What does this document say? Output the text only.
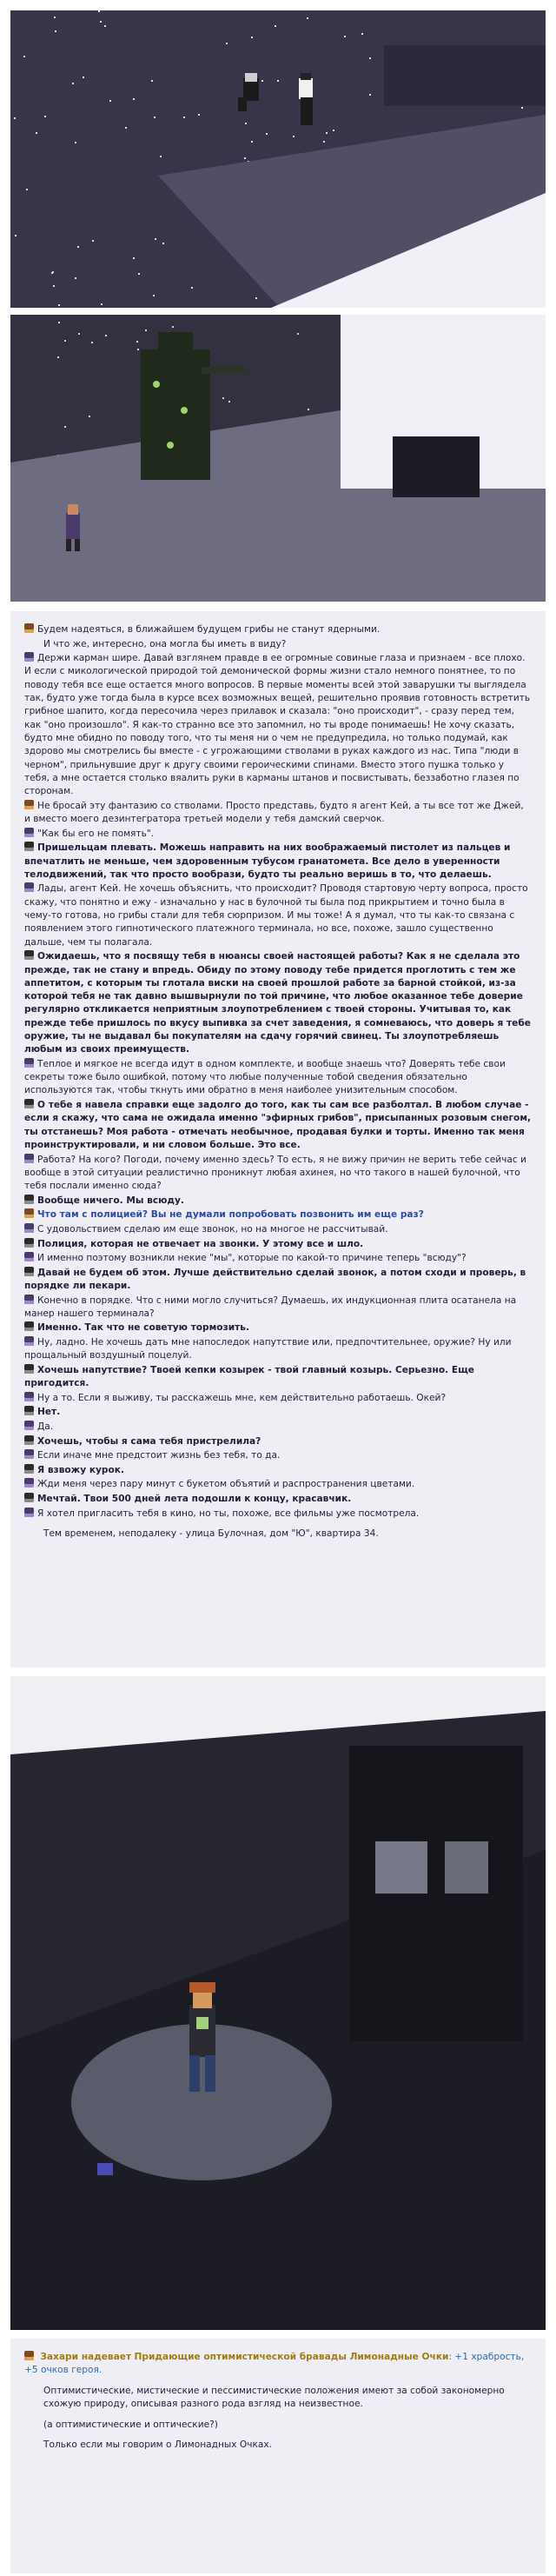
Будем надеяться, в ближайшем будущем грибы не станут ядерными.

И что же, интересно, она могла бы иметь в виду?

Держи карман шире. Давай взглянем правде в ее огромные совиные глаза и признаем - все плохо. И если с микологической природой той демонической формы жизни стало немного понятнее, то по поводу тебя все еще остается много вопросов. В первые моменты всей этой заварушки ты выглядела так, будто уже тогда была в курсе всех возможных вещей, решительно проявив готовность встретить грибное шапито, когда пересочила через прилавок и сказала: "оно происходит", - сразу перед тем, как "оно произошло". Я как-то странно все это запомнил, но ты вроде понимаешь! Не хочу сказать, будто мне обидно по поводу того, что ты меня ни о чем не предупредила, но только подумай, как здорово мы смотрелись бы вместе - с угрожающими стволами в руках каждого из нас. Типа "люди в черном", прильнувшие друг к другу своими героическими спинами. Вместо этого пушка только у тебя, а мне остается столько вяалить руки в карманы штанов и посвистывать, беззаботно глазея по сторонам.

Не бросай эту фантазию со стволами. Просто представь, будто я агент Кей, а ты все тот же Джей, и вместо моего дезинтегратора третьей модели у тебя дамский сверчок.

"Как бы его не помять".

Пришельцам плевать. Можешь направить на них воображаемый пистолет из пальцев и впечатлить не меньше, чем здоровенным тубусом гранатомета. Все дело в уверенности телодвижений, так что просто вообрази, будто ты реально веришь в то, что делаешь.

Лады, агент Кей. Не хочешь объяснить, что происходит? Проводя стартовую черту вопроса, просто скажу, что понятно и ежу - изначально у нас в булочной ты была под прикрытием и точно была в чему-то готова, но грибы стали для тебя сюрпризом. И мы тоже! А я думал, что ты как-то связана с появлением этого гипнотического платежного терминала, но все, похоже, зашло существенно дальше, чем ты полагала.

Ожидаешь, что я посвящу тебя в нюансы своей настоящей работы? Как я не сделала это прежде, так не стану и впредь. Обиду по этому поводу тебе придется проглотить с тем же аппетитом, с которым ты глотала виски на своей прошлой работе за барной стойкой, из-за которой тебя не так давно вышвырнули по той причине, что любое оказанное тебе доверие регулярно откликается неприятным злоупотреблением с твоей стороны. Учитывая то, как прежде тебе пришлось по вкусу выпивка за счет заведения, я сомневаюсь, что доверь я тебе оружие, ты не выдавал бы покупателям на сдачу горячий свинец. Ты злоупотребляешь любым из своих преимуществ.

Теплое и мягкое не всегда идут в одном комплекте, и вообще знаешь что? Доверять тебе свои секреты тоже было ошибкой, потому что любые полученные тобой сведения обязательно используются так, чтобы ткнуть ими обратно в меня наиболее унизительным способом.

О тебе я навела справки еще задолго до того, как ты сам все разболтал. В любом случае - если я скажу, что сама не ожидала именно "эфирных грибов", присыпанных розовым снегом, ты отстанешь? Моя работа - отмечать необычное, продавая булки и торты. Именно так меня проинструктировали, и ни словом больше. Это все.

Работа? На кого? Погоди, почему именно здесь? То есть, я не вижу причин не верить тебе сейчас и вообще в этой ситуации реалистично проникнут любая ахинея, но что такого в нашей булочной, что тебя послали именно сюда?

Вообще ничего. Мы всюду.

Что там с полицией? Вы не думали попробовать позвонить им еще раз?

С удовольствием сделаю им еще звонок, но на многое не рассчитывай.

Полиция, которая не отвечает на звонки. У этому все и шло.

И именно поэтому возникли некие "мы", которые по какой-то причине теперь "всюду"?

Давай не будем об этом. Лучше действительно сделай звонок, а потом сходи и проверь, в порядке ли пекари.

Конечно в порядке. Что с ними могло случиться? Думаешь, их индукционная плита осатанела на манер нашего терминала?

Именно. Так что не советую тормозить.

Ну, ладно. Не хочешь дать мне напоследок напутствие или, предпочтительнее, оружие? Ну или прощальный воздушный поцелуй.

Хочешь напутствие? Твоей кепки козырек - твой главный козырь. Серьезно. Еще пригодится.

Ну а то. Если я выживу, ты расскажешь мне, кем действительно работаешь. Окей?

Нет.

Да.

Хочешь, чтобы я сама тебя пристрелила?

Если иначе мне предстоит жизнь без тебя, то да.

Я взвожу курок.

Жди меня через пару минут с букетом объятий и распространения цветами.

Мечтай. Твои 500 дней лета подошли к концу, красавчик.

Я хотел пригласить тебя в кино, но ты, похоже, все фильмы уже посмотрела.

Тем временем, неподалеку - улица Булочная, дом "Ю", квартира 34.

Захари надевает Придающие оптимистической бравады Лимонадные Очки: +1 храбрость, +5 очков героя.

Оптимистические, мистические и пессимистические положения имеют за собой закономерно схожую природу, описывая разного рода взгляд на неизвестное.

(а оптимистические и оптические?)

Только если мы говорим о Лимонадных Очках.
